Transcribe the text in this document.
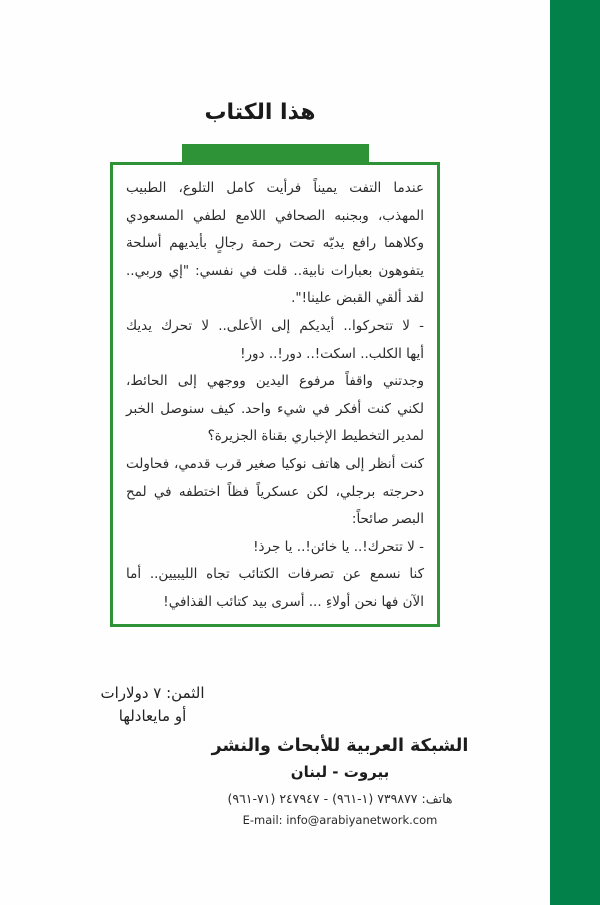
هذا الكتاب
عندما التفت يميناً فرأيت كامل التلوع، الطبيب
المهذب، وبجنبه الصحافي اللامع لطفي المسعودي
وكلاهما رافع يديّه تحت رحمة رجالٍ بأيديهم أسلحة
يتفوهون بعبارات نابية.. قلت في نفسي: "إي وربي..
لقد ألقي القبض علينا!".
- لا تتحركوا.. أيديكم إلى الأعلى.. لا تحرك يديك
أيها الكلب.. اسكت!.. دور!.. دور!
وجدتني واقفاً مرفوع اليدين ووجهي إلى الحائط،
لكني كنت أفكر في شيء واحد. كيف سنوصل الخبر
لمدير التخطيط الإخباري بقناة الجزيرة؟
كنت أنظر إلى هاتف نوكيا صغير قرب قدمي، فحاولت
دحرجته برجلي، لكن عسكرياً فظاً اختطفه في لمح
البصر صائحاً:
- لا تتحرك!.. يا خائن!.. يا جرذ!
كنا نسمع عن تصرفات الكتائب تجاه الليبيين.. أما
الآن فها نحن أولاءِ ... أسرى بيد كتائب القذافي!
الثمن: ٧ دولارات
أو مايعادلها
الشبكة العربية للأبحاث والنشر
بيروت - لبنان
هاتف: ٧٣٩٨٧٧ (١-٩٦١) - ٢٤٧٩٤٧ (٧١-٩٦١)
E-mail: info@arabiyanetwork.com
